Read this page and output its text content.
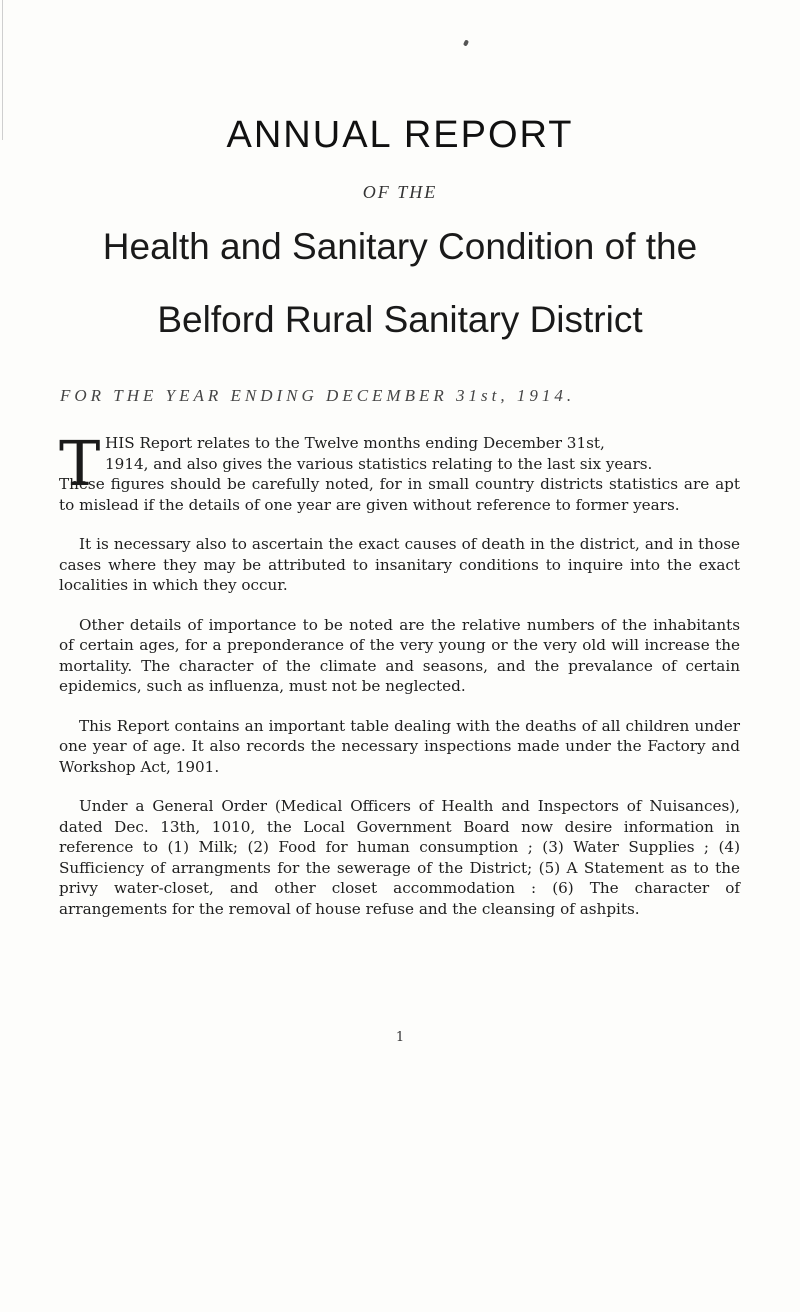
ANNUAL REPORT
OF THE
Health and Sanitary Condition of the
Belford Rural Sanitary District
FOR THE YEAR ENDING DECEMBER 31st, 1914.

T HIS Report relates to the Twelve months ending December 31st,
1914, and also gives the various statistics relating to the last six years.
These figures should be carefully noted, for in small country districts statistics are apt to mislead if the details of one year are given without reference to former years.

It is necessary also to ascertain the exact causes of death in the district, and in those cases where they may be attributed to insanitary conditions to inquire into the exact localities in which they occur.

Other details of importance to be noted are the relative numbers of the inhabitants of certain ages, for a preponderance of the very young or the very old will increase the mortality. The character of the climate and seasons, and the prevalance of certain epidemics, such as influenza, must not be neglected.

This Report contains an important table dealing with the deaths of all children under one year of age. It also records the necessary inspections made under the Factory and Workshop Act, 1901.

Under a General Order (Medical Officers of Health and Inspectors of Nuisances), dated Dec. 13th, 1010, the Local Government Board now desire information in reference to (1) Milk; (2) Food for human consumption ; (3) Water Supplies ; (4) Sufficiency of arrangments for the sewerage of the District; (5) A Statement as to the privy water-closet, and other closet accommodation : (6) The character of arrangements for the removal of house refuse and the cleansing of ashpits.

1
